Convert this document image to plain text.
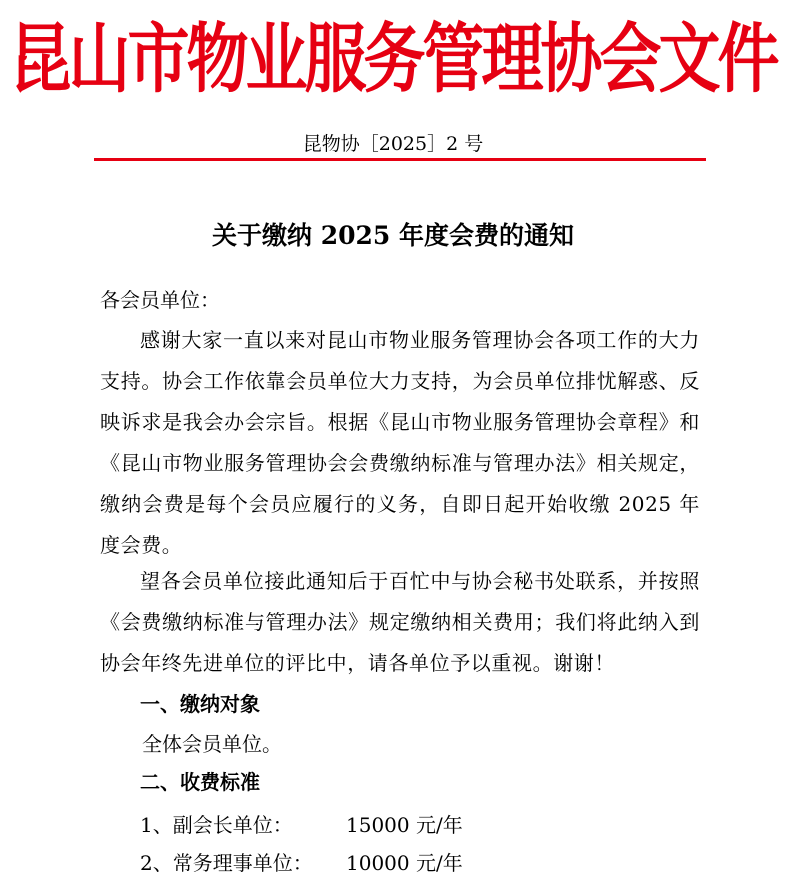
昆山市物业服务管理协会文件
昆物协［2025］2 号
关于缴纳 2025 年度会费的通知
各会员单位：

感谢大家一直以来对昆山市物业服务管理协会各项工作的大力支持。协会工作依靠会员单位大力支持，为会员单位排忧解惑、反映诉求是我会办会宗旨。根据《昆山市物业服务管理协会章程》和《昆山市物业服务管理协会会费缴纳标准与管理办法》相关规定，缴纳会费是每个会员应履行的义务，自即日起开始收缴 2025 年度会费。

望各会员单位接此通知后于百忙中与协会秘书处联系，并按照《会费缴纳标准与管理办法》规定缴纳相关费用；我们将此纳入到协会年终先进单位的评比中，请各单位予以重视。谢谢！

一、缴纳对象
全体会员单位。
二、收费标准
1、副会长单位：	15000 元/年
2、常务理事单位： 10000 元/年
